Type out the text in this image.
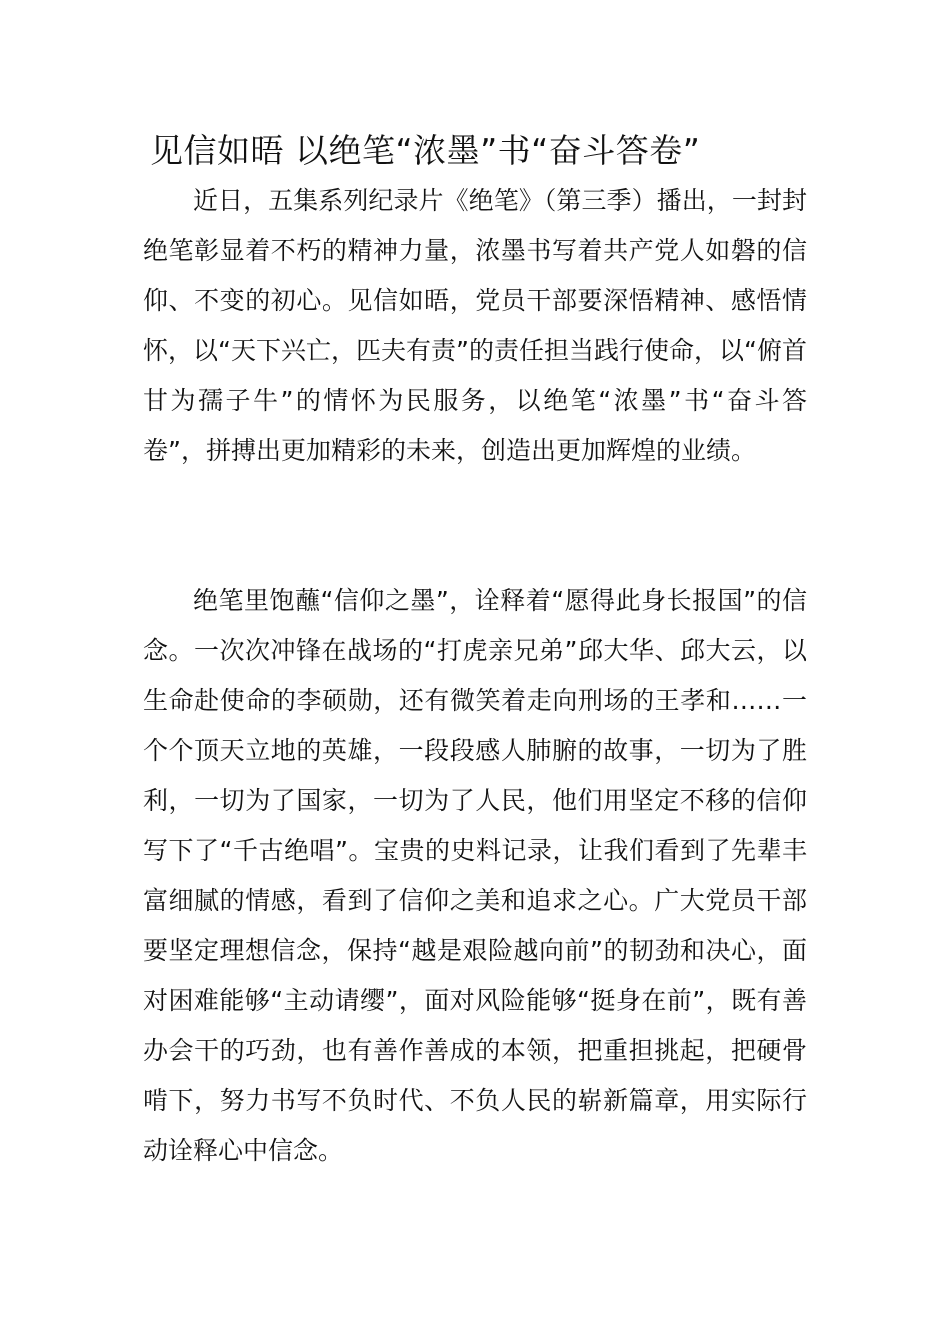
见信如晤 以绝笔“浓墨”书“奋斗答卷”

近日，五集系列纪录片《绝笔》（第三季）播出，一封封绝笔彰显着不朽的精神力量，浓墨书写着共产党人如磐的信仰、不变的初心。见信如晤，党员干部要深悟精神、感悟情怀，以“天下兴亡，匹夫有责”的责任担当践行使命，以“俯首甘为孺子牛”的情怀为民服务，以绝笔“浓墨”书“奋斗答卷”，拼搏出更加精彩的未来，创造出更加辉煌的业绩。

绝笔里饱蘸“信仰之墨”，诠释着“愿得此身长报国”的信念。一次次冲锋在战场的“打虎亲兄弟”邱大华、邱大云，以生命赴使命的李硕勋，还有微笑着走向刑场的王孝和……一个个顶天立地的英雄，一段段感人肺腑的故事，一切为了胜利，一切为了国家，一切为了人民，他们用坚定不移的信仰写下了“千古绝唱”。宝贵的史料记录，让我们看到了先辈丰富细腻的情感，看到了信仰之美和追求之心。广大党员干部要坚定理想信念，保持“越是艰险越向前”的韧劲和决心，面对困难能够“主动请缨”，面对风险能够“挺身在前”，既有善办会干的巧劲，也有善作善成的本领，把重担挑起，把硬骨啃下，努力书写不负时代、不负人民的崭新篇章，用实际行动诠释心中信念。
